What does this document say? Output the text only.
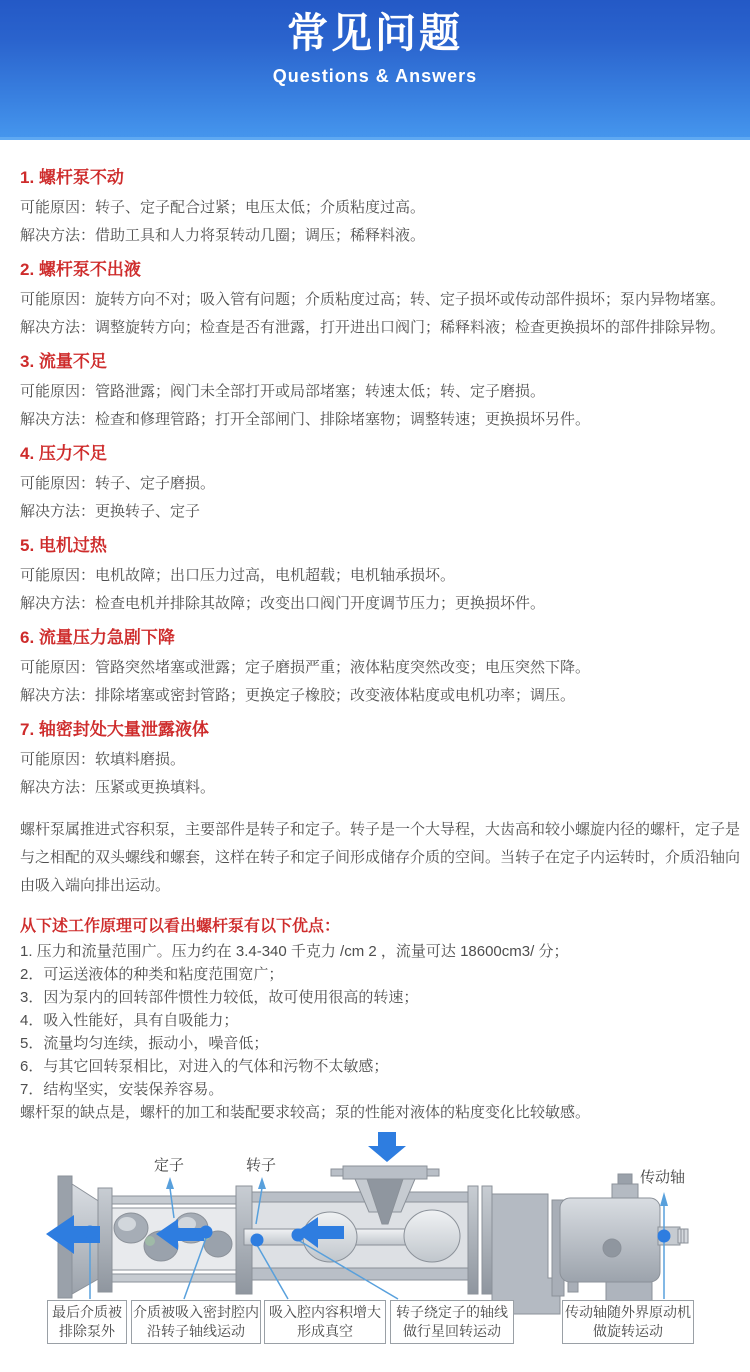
常见问题
Questions & Answers
1. 螺杆泵不动

可能原因：转子、定子配合过紧；电压太低；介质粘度过高。

解决方法：借助工具和人力将泵转动几圈；调压；稀释料液。

2. 螺杆泵不出液

可能原因：旋转方向不对；吸入管有问题；介质粘度过高；转、定子损坏或传动部件损坏；泵内异物堵塞。

解决方法：调整旋转方向；检查是否有泄露，打开进出口阀门；稀释料液；检查更换损坏的部件排除异物。

3. 流量不足

可能原因：管路泄露；阀门未全部打开或局部堵塞；转速太低；转、定子磨损。

解决方法：检查和修理管路；打开全部闸门、排除堵塞物；调整转速；更换损坏另件。

4. 压力不足

可能原因：转子、定子磨损。

解决方法：更换转子、定子

5. 电机过热

可能原因：电机故障；出口压力过高，电机超载；电机轴承损坏。

解决方法：检查电机并排除其故障；改变出口阀门开度调节压力；更换损坏件。

6. 流量压力急剧下降

可能原因：管路突然堵塞或泄露；定子磨损严重；液体粘度突然改变；电压突然下降。

解决方法：排除堵塞或密封管路；更换定子橡胶；改变液体粘度或电机功率；调压。

7. 轴密封处大量泄露液体

可能原因：软填料磨损。

解决方法：压紧或更换填料。

螺杆泵属推进式容积泵，主要部件是转子和定子。转子是一个大导程，大齿高和较小螺旋内径的螺杆，定子是与之相配的双头螺线和螺套，这样在转子和定子间形成储存介质的空间。当转子在定子内运转时，介质沿轴向由吸入端向排出运动。
从下述工作原理可以看出螺杆泵有以下优点：
1. 压力和流量范围广。压力约在 3.4-340 千克力 /cm 2 ，流量可达 18600cm3/ 分；
2．可运送液体的种类和粘度范围宽广；
3．因为泵内的回转部件惯性力较低，故可使用很高的转速；
4．吸入性能好，具有自吸能力；
5．流量均匀连续，振动小，噪音低；
6．与其它回转泵相比，对进入的气体和污物不太敏感；
7．结构坚实，安装保养容易。
螺杆泵的缺点是，螺杆的加工和装配要求较高；泵的性能对液体的粘度变化比较敏感。
定子	转子
传动轴
最后介质被
排除泵外
介质被吸入密封腔内
沿转子轴线运动
吸入腔内容积增大
形成真空
转子绕定子的轴线
做行星回转运动
传动轴随外界原动机
做旋转运动
